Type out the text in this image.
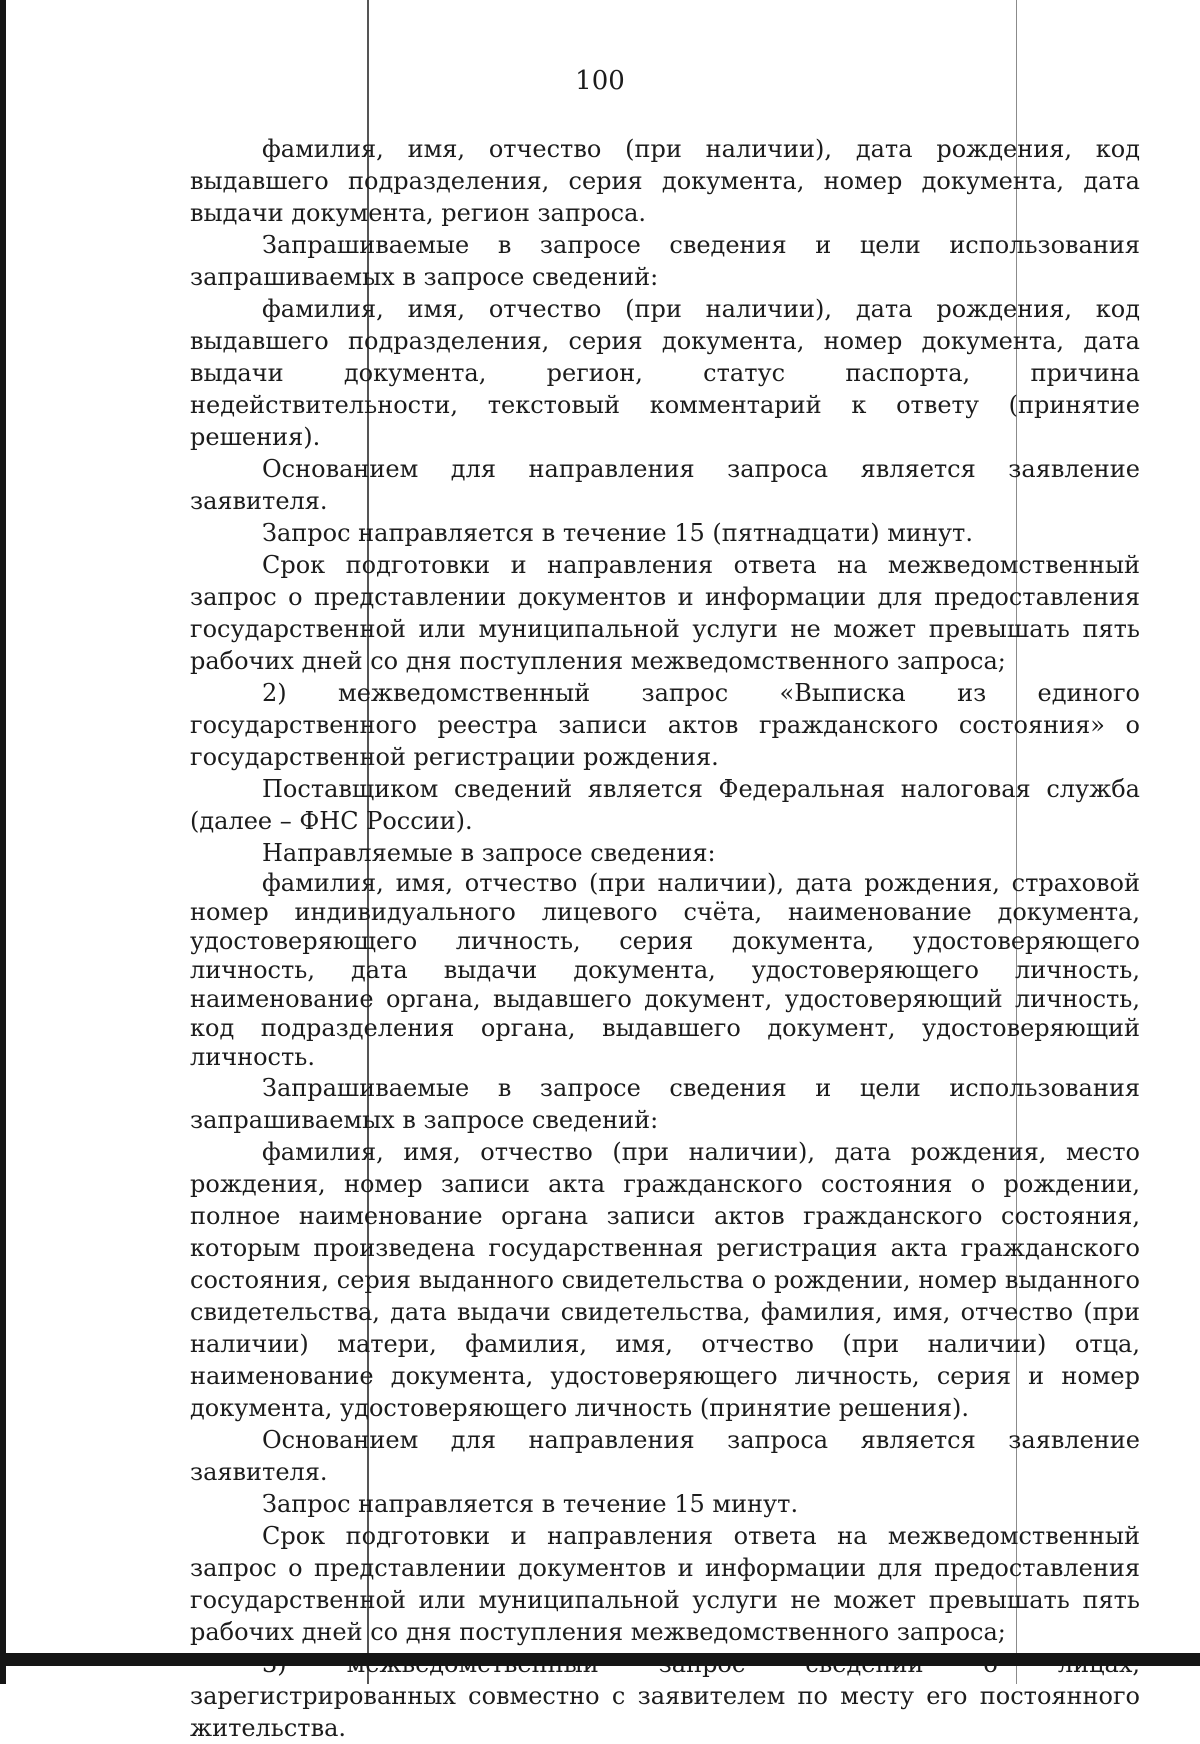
100

фамилия, имя, отчество (при наличии), дата рождения, код выдавшего подразделения, серия документа, номер документа, дата выдачи документа, регион запроса.

Запрашиваемые в запросе сведения и цели использования запрашиваемых в запросе сведений:

фамилия, имя, отчество (при наличии), дата рождения, код выдавшего подразделения, серия документа, номер документа, дата выдачи документа, регион, статус паспорта, причина недействительности, текстовый комментарий к ответу (принятие решения).

Основанием для направления запроса является заявление заявителя.

Запрос направляется в течение 15 (пятнадцати) минут.

Срок подготовки и направления ответа на межведомственный запрос о представлении документов и информации для предоставления государственной или муниципальной услуги не может превышать пять рабочих дней со дня поступления межведомственного запроса;

2) межведомственный запрос «Выписка из единого государственного реестра записи актов гражданского состояния» о государственной регистрации рождения.

Поставщиком сведений является Федеральная налоговая служба (далее – ФНС России).

Направляемые в запросе сведения:

фамилия, имя, отчество (при наличии), дата рождения, страховой номер индивидуального лицевого счёта, наименование документа, удостоверяющего личность, серия документа, удостоверяющего личность, дата выдачи документа, удостоверяющего личность, наименование органа, выдавшего документ, удостоверяющий личность, код подразделения органа, выдавшего документ, удостоверяющий личность.

Запрашиваемые в запросе сведения и цели использования запрашиваемых в запросе сведений:

фамилия, имя, отчество (при наличии), дата рождения, место рождения, номер записи акта гражданского состояния о рождении, полное наименование органа записи актов гражданского состояния, которым произведена государственная регистрация акта гражданского состояния, серия выданного свидетельства о рождении, номер выданного свидетельства, дата выдачи свидетельства, фамилия, имя, отчество (при наличии) матери, фамилия, имя, отчество (при наличии) отца, наименование документа, удостоверяющего личность, серия и номер документа, удостоверяющего личность (принятие решения).

Основанием для направления запроса является заявление заявителя.

Запрос направляется в течение 15 минут.

Срок подготовки и направления ответа на межведомственный запрос о представлении документов и информации для предоставления государственной или муниципальной услуги не может превышать пять рабочих дней со дня поступления межведомственного запроса;

зарегистрированных совместно с заявителем по месту его постоянного жительства.
